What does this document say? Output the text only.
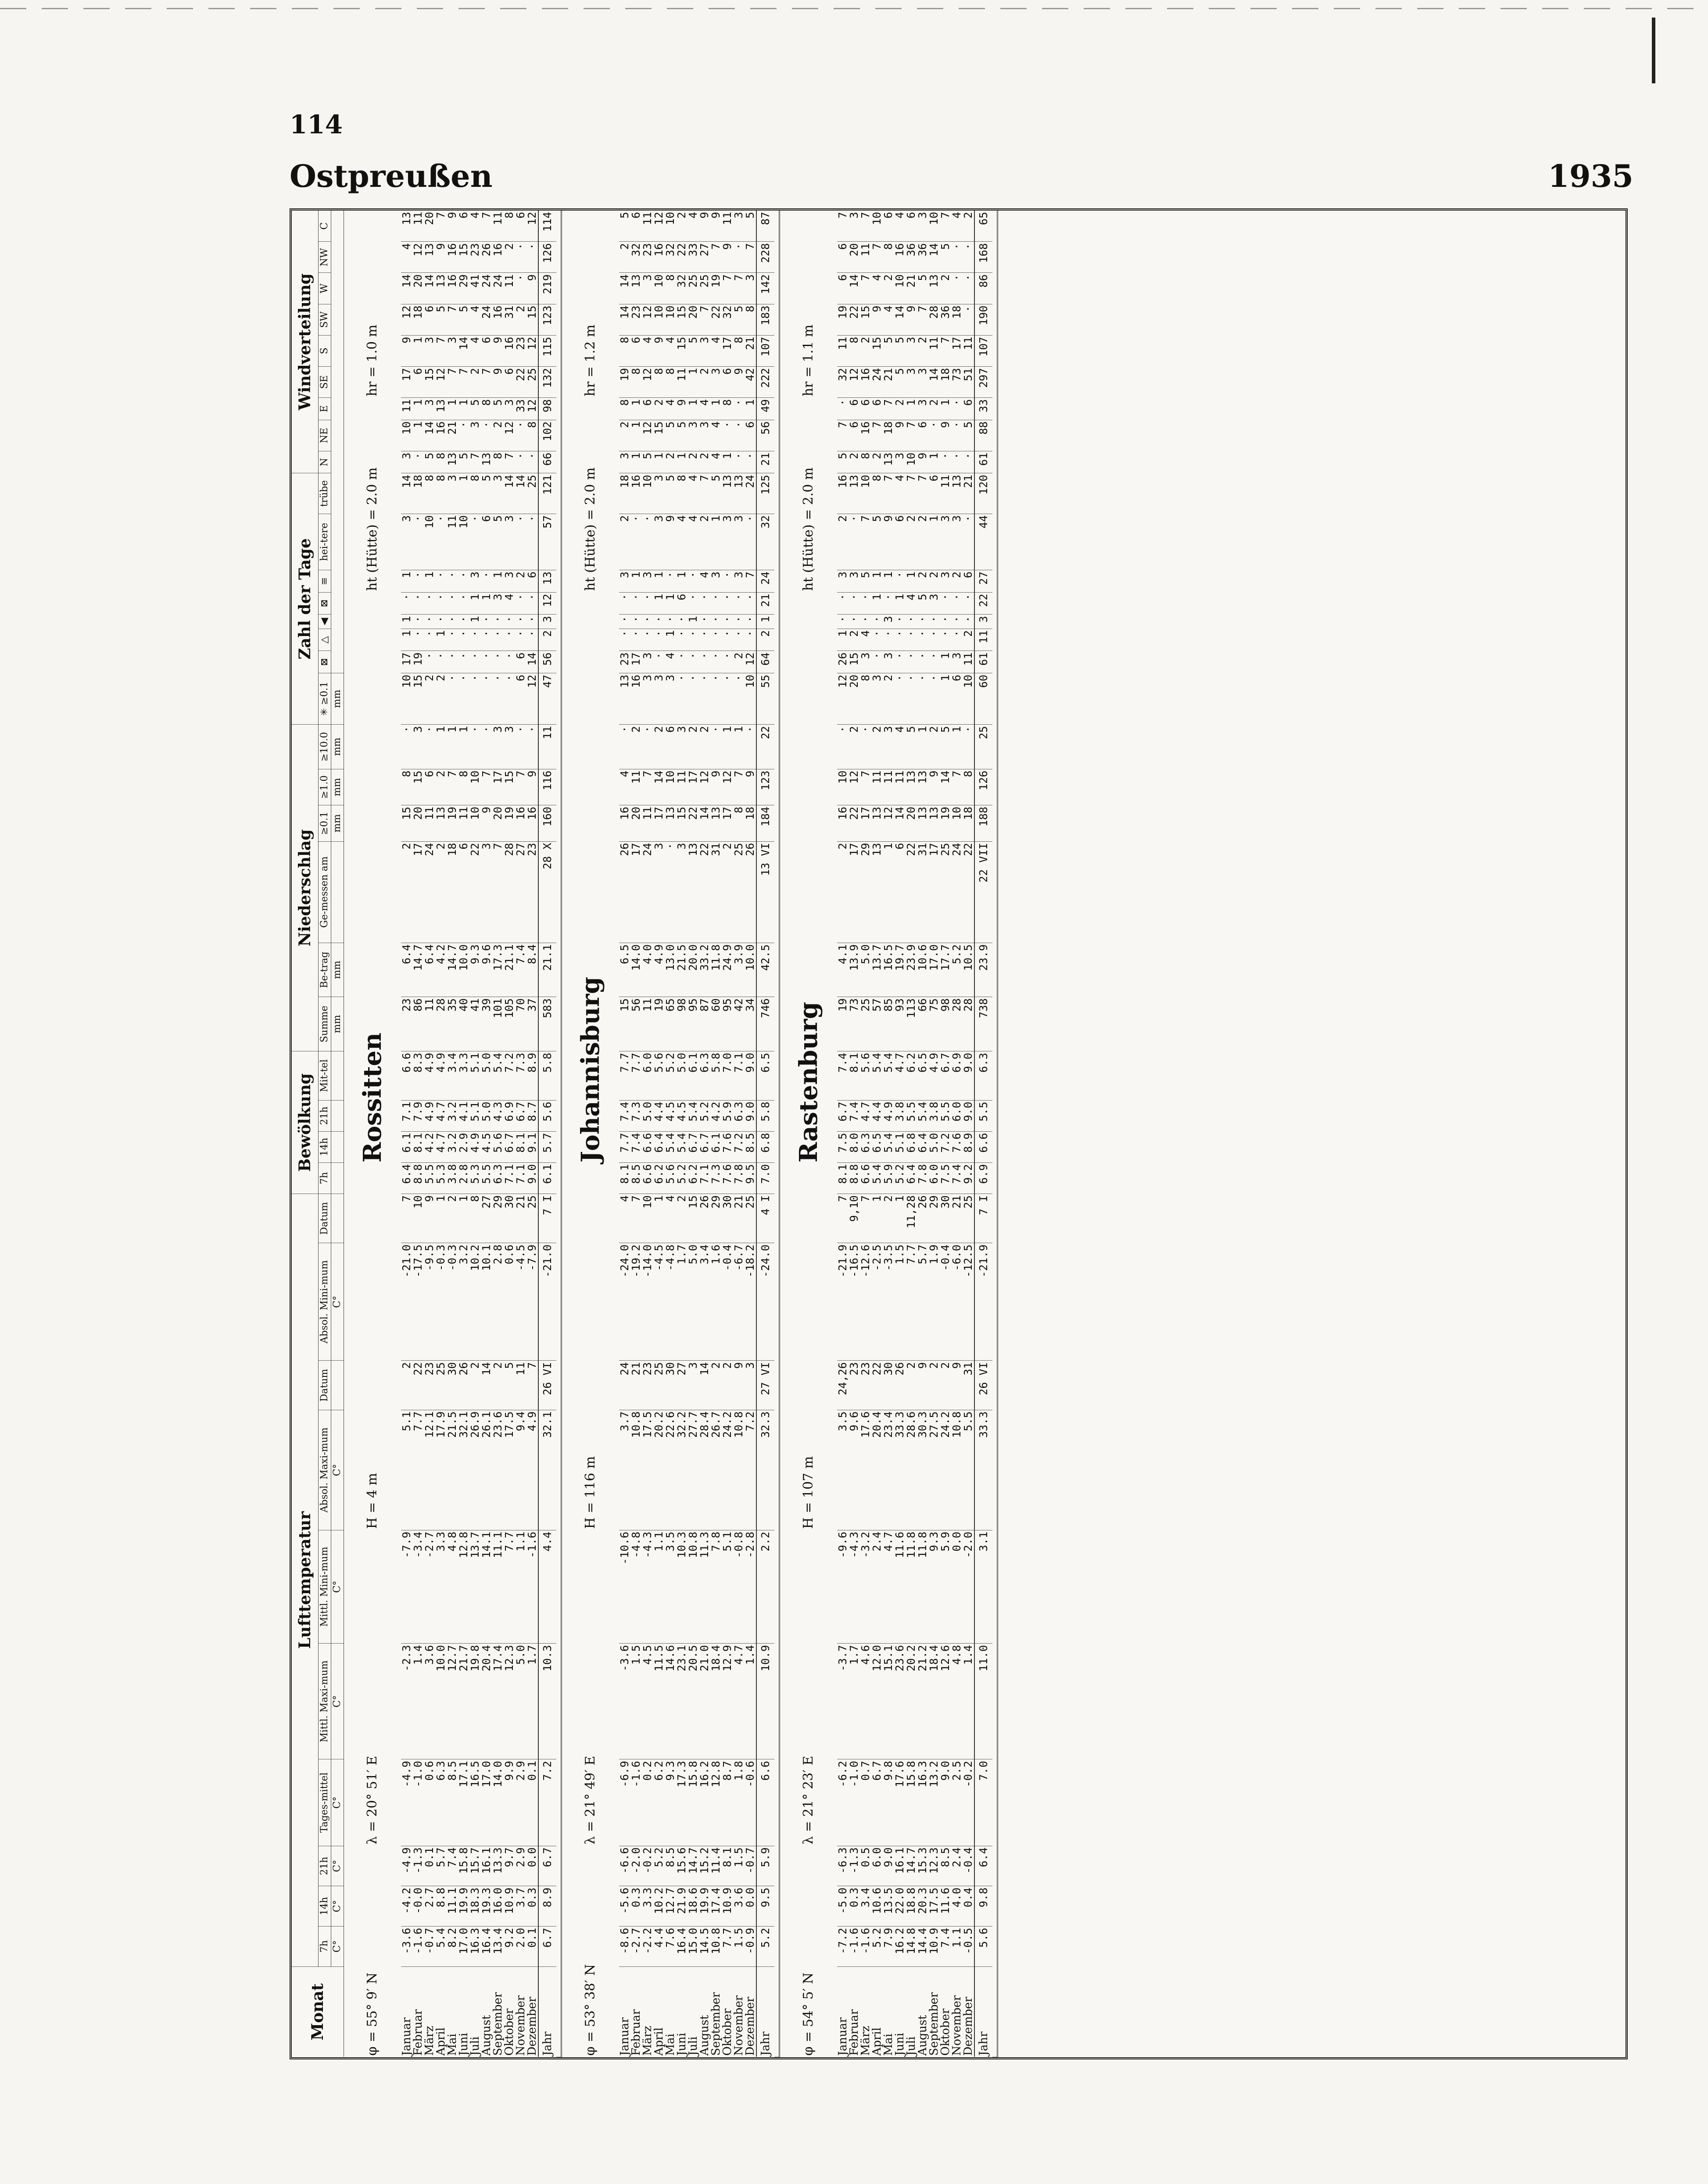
114
Ostpreußen	1935
Monat	Lufttemperatur										Bewölkung				Niederschlag						Zahl der Tage								Windverteilung								
	7h	14h	21h	Tages-mittel	Mittl. Maxi-mum	Mittl. Mini-mum	Absol. Maxi-mum	Datum	Absol. Mini-mum	Datum	7h	14h	21h	Mit-tel	Summe	Be-trag	Ge-messen am	≥0.1	≥1.0	≥10.0	✳ ≥0.1	⊠	△	◀	⊠	≡	hei-tere	trübe	N	NE	E	SE	S	SW	W	NW	C
	C°	C°	C°	C°	C°	C°	C°		C°						mm	mm		mm	mm	mm	mm																
φ = 55° 9′ N				λ = 20° 51′ E			H = 4 m					Rossitten														ht (Hütte) = 2.0 m						hr = 1.0 m					
Januar	-3.6	-4.2	-4.9	-4.9	-2.3	-7.9	5.1	2	-21.0	7	6.4	6.1	7.1	6.6	23	6.4	2	15	8	·	10	17	1	1	·	1	3	14	3	10	11	17	9	12	14	4	13
Februar	-1.6	-0.0	-1.3	-1.0	1.4	-3.4	7.7	22	-17.5	10	8.8	8.1	7.9	8.3	86	14.7	17	20	15	3	15	19	·	·	·	·	·	18	·	1	1	6	1	18	20	12	11
März	-0.7	2.7	0.1	0.6	3.6	-2.7	12.1	23	-9.5	9	5.5	4.2	4.9	4.9	11	6.4	24	11	6	·	2	·	·	·	·	1	10	8	5	14	3	15	3	6	14	13	20
April	5.4	8.8	5.7	6.3	10.0	3.3	17.9	25	-0.3	1	5.3	4.7	4.7	4.9	28	4.2	2	13	2	1	2	·	1	·	·	·	·	8	8	16	13	12	7	5	13	9	7
Mai	8.2	11.1	7.4	8.5	12.7	4.8	21.5	30	-0.3	2	3.8	3.2	3.2	3.4	35	14.7	18	19	7	1	·	·	·	·	·	·	11	3	13	21	1	7	3	7	16	16	9
Juni	17.0	19.9	15.8	17.1	21.7	12.8	32.1	26	3.2	1	2.8	2.9	4.1	3.3	40	10.0	6	11	8	1	·	·	·	·	·	·	10	1	5	·	1	7	14	5	29	15	6
Juli	16.3	18.3	15.7	16.5	19.8	13.7	26.9	2	10.2	8	5.3	4.9	5.1	5.1	41	9.3	22	10	10	·	·	·	·	1	1	3	·	8	7	3	5	2	4	4	41	23	4
August	16.4	19.3	16.1	17.0	20.4	14.1	26.1	14	10.1	27	5.5	4.5	5.0	5.0	39	9.6	3	9	7	·	·	·	·	·	1	·	6	5	13	·	8	7	6	24	24	26	7
September	13.4	16.0	13.3	14.0	17.4	11.1	23.6	2	2.8	29	6.3	5.6	4.3	5.4	101	17.3	7	20	17	3	·	·	·	·	3	1	5	3	8	2	5	9	9	16	24	16	11
Oktober	9.2	10.9	9.7	9.9	12.3	7.7	17.5	5	0.6	30	7.1	6.7	6.9	7.2	105	21.1	28	19	15	3	·	·	·	·	4	3	3	14	7	12	3	6	16	31	11	2	8
November	2.0	3.7	2.9	2.9	5.0	1.1	9.4	11	-4.5	21	7.1	8.1	6.7	7.3	70	7.4	27	16	7	·	6	6	·	·	·	2	·	14	·	·	33	22	23	2	·	·	6
Dezember	0.1	0.3	0.0	0.1	1.7	-1.6	4.9	7	-7.9	25	9.0	9.1	8.7	8.9	37	8.4	23	16	9	·	12	14	·	·	·	6	·	25	·	8	12	25	12	15	9	·	12
Jahr	6.7	8.9	6.7	7.2	10.3	4.4	32.1	26 VI	-21.0	7 I	6.1	5.7	5.6	5.8	583	21.1	28 X	160	116	11	47	56	2	3	12	13	57	121	66	102	98	132	115	123	219	126	114

φ = 53° 38′ N				λ = 21° 49′ E			H = 116 m					Johannisburg														ht (Hütte) = 2.0 m						hr = 1.2 m					
Januar	-8.6	-5.6	-6.6	-6.9	-3.6	-10.6	3.7	24	-24.0	4	8.1	7.7	7.4	7.7	15	6.5	26	16	4	·	13	23	·	·	·	3	2	18	3	2	8	19	8	14	14	2	5
Februar	-2.7	0.3	-2.0	-1.6	1.5	-4.8	10.8	21	-19.2	7	8.5	7.4	7.3	7.7	56	14.0	17	20	11	2	16	17	·	·	·	1	·	16	1	1	1	8	6	23	13	32	6
März	-2.2	3.3	-0.2	0.2	4.5	-4.3	17.5	23	-14.0	10	6.6	6.6	5.0	6.0	11	4.0	24	11	7	·	3	3	·	·	·	3	·	10	5	12	6	12	4	12	3	23	11
April	4.4	10.2	5.2	6.2	11.5	1.1	20.2	25	-4.5	1	6.2	6.4	4.4	5.6	19	4.9	3	17	14	2	3	·	·	·	1	1	3	3	1	15	2	8	9	10	10	16	12
Mai	7.6	12.7	8.5	9.3	14.6	3.5	22.6	30	-4.8	4	5.6	5.4	4.5	5.2	65	13.0	·	13	10	6	3	4	1	·	1	·	9	5	2	5	4	8	4	10	8	32	10
Juni	16.4	21.9	15.6	17.3	23.1	10.3	32.2	27	1.7	2	5.2	5.4	4.5	5.0	98	21.5	3	15	11	3	·	·	·	·	6	1	4	8	1	5	9	11	15	15	32	22	2
Juli	15.0	18.6	14.7	15.8	20.5	10.8	27.7	3	5.0	15	6.2	6.7	5.4	6.1	95	20.0	13	22	17	2	·	·	·	1	·	·	4	4	2	3	1	1	5	20	25	33	4
August	14.5	19.9	15.2	16.2	21.0	11.3	28.4	14	3.4	26	7.1	6.7	5.2	6.3	87	33.2	22	14	12	2	·	·	·	·	·	4	2	7	2	3	4	2	3	7	25	27	9
September	10.8	17.4	11.4	12.8	18.4	7.8	26.7	2	1.6	29	7.3	6.1	4.2	5.8	60	11.8	31	13	9	·	·	·	·	·	·	3	1	5	4	4	1	3	4	22	19	7	9
Oktober	7.7	10.9	8.1	8.7	12.9	5.1	24.2	2	-0.4	30	7.6	7.6	5.9	7.0	95	24.9	2	17	12	1	·	·	·	·	·	·	3	13	1	·	8	6	17	32	7	9	11
November	1.5	3.6	1.5	1.8	4.7	-0.8	10.8	9	-6.7	21	7.8	7.2	6.3	7.1	42	3.9	25	8	7	1	·	2	·	·	·	3	3	13	·	·	·	9	8	5	7	·	3
Dezember	-0.9	0.0	-0.7	-0.6	1.4	-2.8	7.2	3	-18.2	25	9.5	8.5	9.0	9.0	34	10.0	26	18	9	·	10	12	·	·	·	7	·	24	·	6	1	42	21	8	3	7	5
Jahr	5.2	9.5	5.9	6.6	10.9	2.2	32.3	27 VI	-24.0	4 I	7.0	6.8	5.8	6.5	746	42.5	13 VI	184	123	22	55	64	2	1	21	24	32	125	21	56	49	222	107	183	142	228	87

φ = 54° 5′ N				λ = 21° 23′ E			H = 107 m					Rastenburg														ht (Hütte) = 2.0 m						hr = 1.1 m					
Januar	-7.2	-5.0	-6.3	-6.2	-3.7	-9.6	3.5	24,26	-21.9	7	8.1	7.5	6.7	7.4	19	4.1	2	16	10	·	12	26	1	·	·	3	2	16	5	7	·	32	11	19	6	6	7
Februar	-1.6	0.3	-1.3	-1.0	1.7	-4.3	9.6	23	-16.5	9,10	8.8	8.0	7.4	8.1	73	13.9	17	22	12	2	20	15	2	·	·	3	·	13	2	6	6	12	8	22	14	20	3
März	-1.6	3.4	0.5	0.7	4.6	-3.2	17.6	23	-12.6	7	6.6	6.3	4.7	5.6	25	5.0	29	17	7	·	8	3	4	·	·	5	7	10	8	16	6	16	2	15	7	11	7
April	5.2	10.6	6.0	6.7	12.0	2.4	20.4	22	-2.5	1	5.4	6.5	4.4	5.4	57	13.7	13	13	11	2	3	·	·	·	1	1	5	8	2	7	6	24	15	9	4	7	10
Mai	7.9	13.5	9.0	9.8	15.1	4.7	23.4	30	-3.5	2	5.9	5.4	4.9	5.4	85	16.5	1	12	11	3	2	3	·	3	·	1	9	7	13	18	7	21	5	4	2	8	6
Juni	16.2	22.0	16.1	17.6	23.6	11.6	33.3	26	1.5	1	5.2	5.1	3.8	4.7	93	19.7	6	14	11	4	·	·	·	·	1	·	6	4	3	9	2	5	5	14	10	16	4
Juli	14.8	18.8	14.7	15.8	20.2	11.8	28.6	2	7.7	11,28	6.4	6.8	5.5	6.2	113	23.9	22	20	13	5	·	·	·	·	4	1	2	7	10	7	1	3	3	9	21	36	6
August	14.4	20.3	15.3	16.3	21.2	11.8	30.3	9	5.7	26	7.8	6.4	5.4	6.5	66	10.6	31	13	13	1	·	·	·	·	5	2	2	7	9	6	3	3	2	7	5	36	3
September	10.9	17.5	12.3	13.2	18.4	9.3	27.5	2	1.9	29	6.0	5.0	3.8	4.9	75	17.0	17	13	9	2	·	·	·	·	3	2	1	6	1	·	2	14	11	28	13	14	10
Oktober	7.4	11.6	8.5	9.0	12.6	5.9	24.2	2	-0.4	30	7.5	7.2	5.5	6.7	98	17.7	25	19	14	5	1	1	·	·	·	3	3	11	·	9	1	18	7	36	2	5	7
November	1.1	4.0	2.4	2.5	4.8	0.0	10.8	9	-6.0	21	7.4	7.6	6.0	6.9	28	5.2	24	10	7	1	6	3	·	·	·	2	3	13	·	·	·	73	17	18	·	·	4
Dezember	-0.5	0.4	-0.4	-0.2	1.4	-2.0	5.5	31	-12.5	25	9.2	8.9	9.0	9.0	28	10.5	22	18	8	·	10	11	2	·	·	6	·	21	·	5	6	51	11	·	·	·	2
Jahr	5.6	9.8	6.4	7.0	11.0	3.1	33.3	26 VI	-21.9	7 I	6.9	6.6	5.5	6.3	738	23.9	22 VII	188	126	25	60	61	11	3	22	27	44	120	61	88	33	297	107	190	86	168	65
